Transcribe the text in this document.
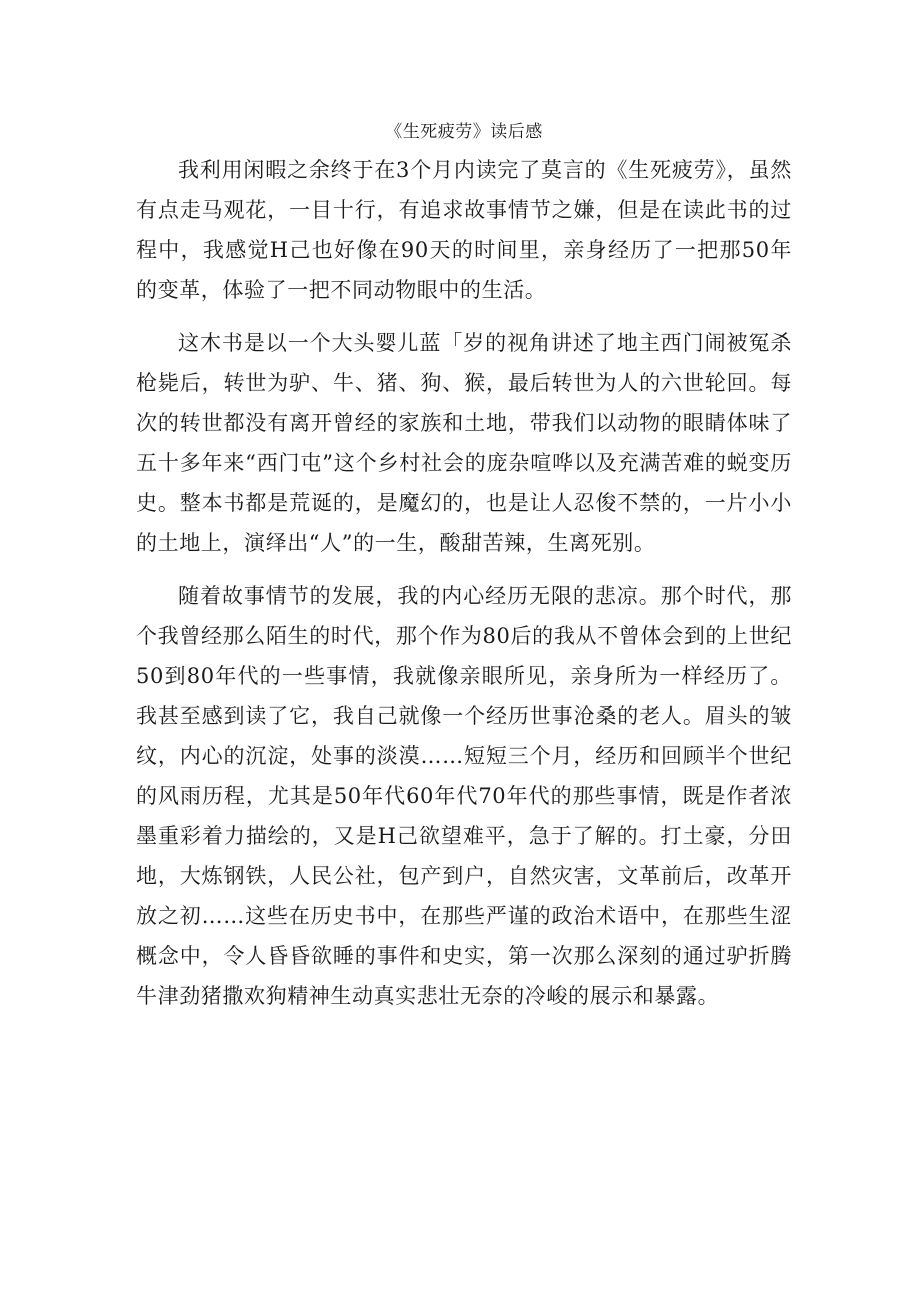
《生死疲劳》读后感

我利用闲暇之余终于在3个月内读完了莫言的《生死疲劳》，虽然有点走马观花，一目十行，有追求故事情节之嫌，但是在读此书的过程中，我感觉H己也好像在90天的时间里，亲身经历了一把那50年的变革，体验了一把不同动物眼中的生活。

这木书是以一个大头婴儿蓝「岁的视角讲述了地主西门闹被冤杀枪毙后，转世为驴、牛、猪、狗、猴，最后转世为人的六世轮回。每次的转世都没有离开曾经的家族和土地，带我们以动物的眼睛体味了五十多年来“西门屯”这个乡村社会的庞杂喧哗以及充满苦难的蜕变历史。整本书都是荒诞的，是魔幻的，也是让人忍俊不禁的，一片小小的土地上，演绎出“人”的一生，酸甜苦辣，生离死别。

随着故事情节的发展，我的内心经历无限的悲凉。那个时代，那个我曾经那么陌生的时代，那个作为80后的我从不曾体会到的上世纪50到80年代的一些事情，我就像亲眼所见，亲身所为一样经历了。我甚至感到读了它，我自己就像一个经历世事沧桑的老人。眉头的皱纹，内心的沉淀，处事的淡漠……短短三个月，经历和回顾半个世纪的风雨历程，尤其是50年代60年代70年代的那些事情，既是作者浓墨重彩着力描绘的，又是H己欲望难平，急于了解的。打土豪，分田地，大炼钢铁，人民公社，包产到户，自然灾害，文革前后，改革开放之初……这些在历史书中，在那些严谨的政治术语中，在那些生涩概念中，令人昏昏欲睡的事件和史实，第一次那么深刻的通过驴折腾牛津劲猪撒欢狗精神生动真实悲壮无奈的冷峻的展示和暴露。
